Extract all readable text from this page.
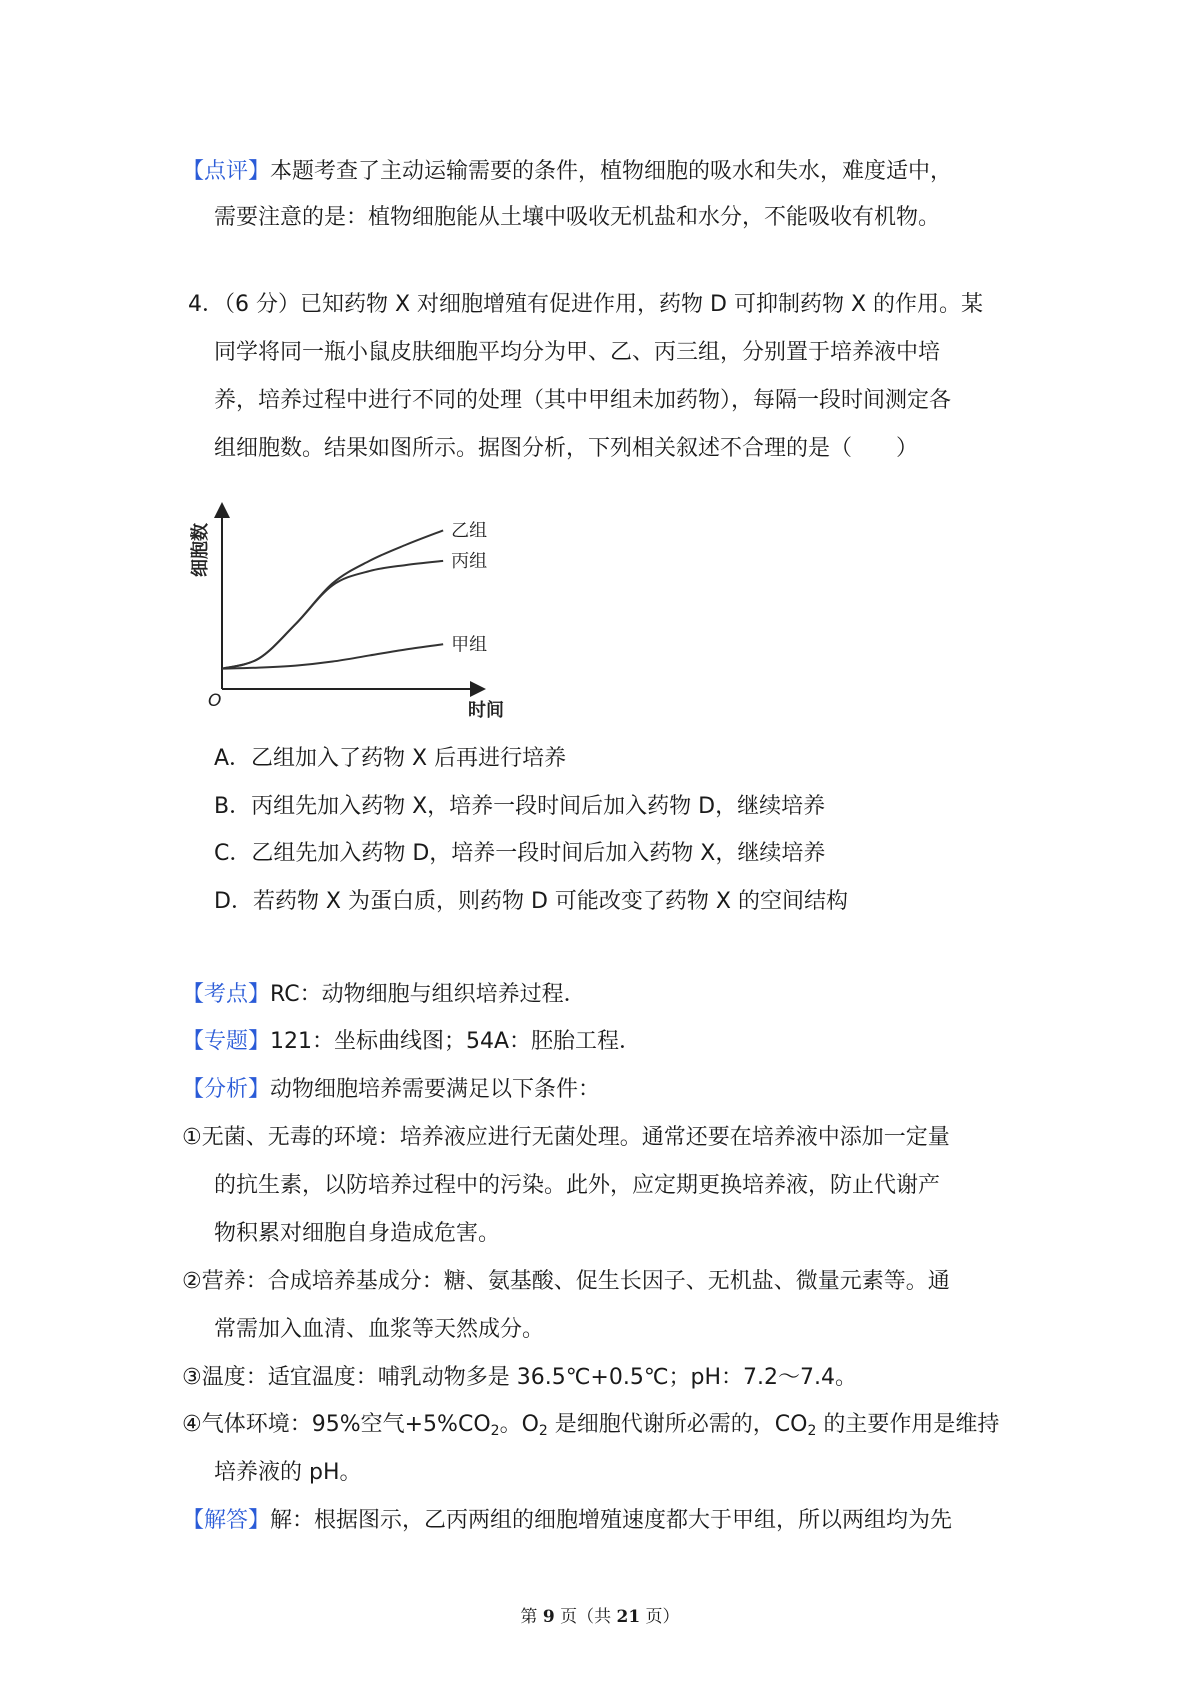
【点评】本题考查了主动运输需要的条件，植物细胞的吸水和失水，难度适中，
需要注意的是：植物细胞能从土壤中吸收无机盐和水分，不能吸收有机物。
4．（6 分）已知药物 X 对细胞增殖有促进作用，药物 D 可抑制药物 X 的作用。某
同学将同一瓶小鼠皮肤细胞平均分为甲、乙、丙三组，分别置于培养液中培
养，培养过程中进行不同的处理（其中甲组未加药物），每隔一段时间测定各
组细胞数。结果如图所示。据图分析，下列相关叙述不合理的是（　　）
O	时间
细胞数	乙组
丙组
甲组
A．乙组加入了药物 X 后再进行培养
B．丙组先加入药物 X，培养一段时间后加入药物 D，继续培养
C．乙组先加入药物 D，培养一段时间后加入药物 X，继续培养
D．若药物 X 为蛋白质，则药物 D 可能改变了药物 X 的空间结构
【考点】RC：动物细胞与组织培养过程．
【专题】121：坐标曲线图；54A：胚胎工程．
【分析】动物细胞培养需要满足以下条件：
①无菌、无毒的环境：培养液应进行无菌处理。通常还要在培养液中添加一定量
的抗生素，以防培养过程中的污染。此外，应定期更换培养液，防止代谢产
物积累对细胞自身造成危害。
②营养：合成培养基成分：糖、氨基酸、促生长因子、无机盐、微量元素等。通
常需加入血清、血浆等天然成分。
③温度：适宜温度：哺乳动物多是 36.5℃+0.5℃；pH：7.2～7.4。
④气体环境：95%空气$+5\%CO_2$。$O_2$ 是细胞代谢所必需的，$CO_2$ 的主要作用是维持
培养液的 pH。
【解答】解：根据图示，乙丙两组的细胞增殖速度都大于甲组，所以两组均为先
第 9 页（共 21 页）
